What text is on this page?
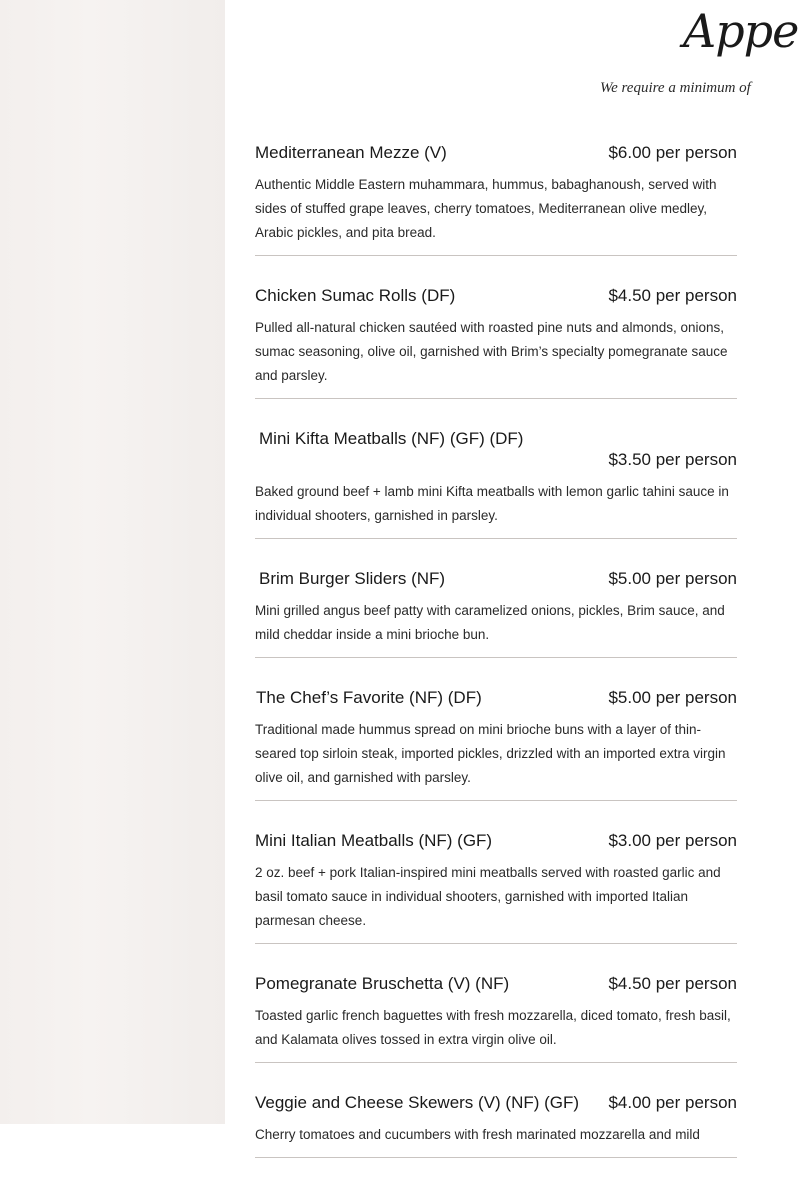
Appe
We require a minimum of
Mediterranean Mezze (V)	$6.00 per person
Authentic Middle Eastern muhammara, hummus, babaghanoush, served with sides of stuffed grape leaves, cherry tomatoes, Mediterranean olive medley, Arabic pickles, and pita bread.
Chicken Sumac Rolls (DF)	$4.50 per person
Pulled all-natural chicken sautéed with roasted pine nuts and almonds, onions, sumac seasoning, olive oil, garnished with Brim’s specialty pomegranate sauce and parsley.
Mini Kifta Meatballs (NF) (GF) (DF)
$3.50 per person
Baked ground beef + lamb mini Kifta meatballs with lemon garlic tahini sauce in individual shooters, garnished in parsley.
Brim Burger Sliders (NF)	$5.00 per person
Mini grilled angus beef patty with caramelized onions, pickles, Brim sauce, and mild cheddar inside a mini brioche bun.
The Chef’s Favorite (NF) (DF)	$5.00 per person
Traditional made hummus spread on mini brioche buns with a layer of thin-seared top sirloin steak, imported pickles, drizzled with an imported extra virgin olive oil, and garnished with parsley.
Mini Italian Meatballs (NF) (GF)	$3.00 per person
2 oz. beef + pork Italian-inspired mini meatballs served with roasted garlic and basil tomato sauce in individual shooters, garnished with imported Italian parmesan cheese.
Pomegranate Bruschetta (V) (NF)	$4.50 per person
Toasted garlic french baguettes with fresh mozzarella, diced tomato, fresh basil, and Kalamata olives tossed in extra virgin olive oil.
Veggie and Cheese Skewers (V) (NF) (GF) $4.00 per person
Cherry tomatoes and cucumbers with fresh marinated mozzarella and mild
